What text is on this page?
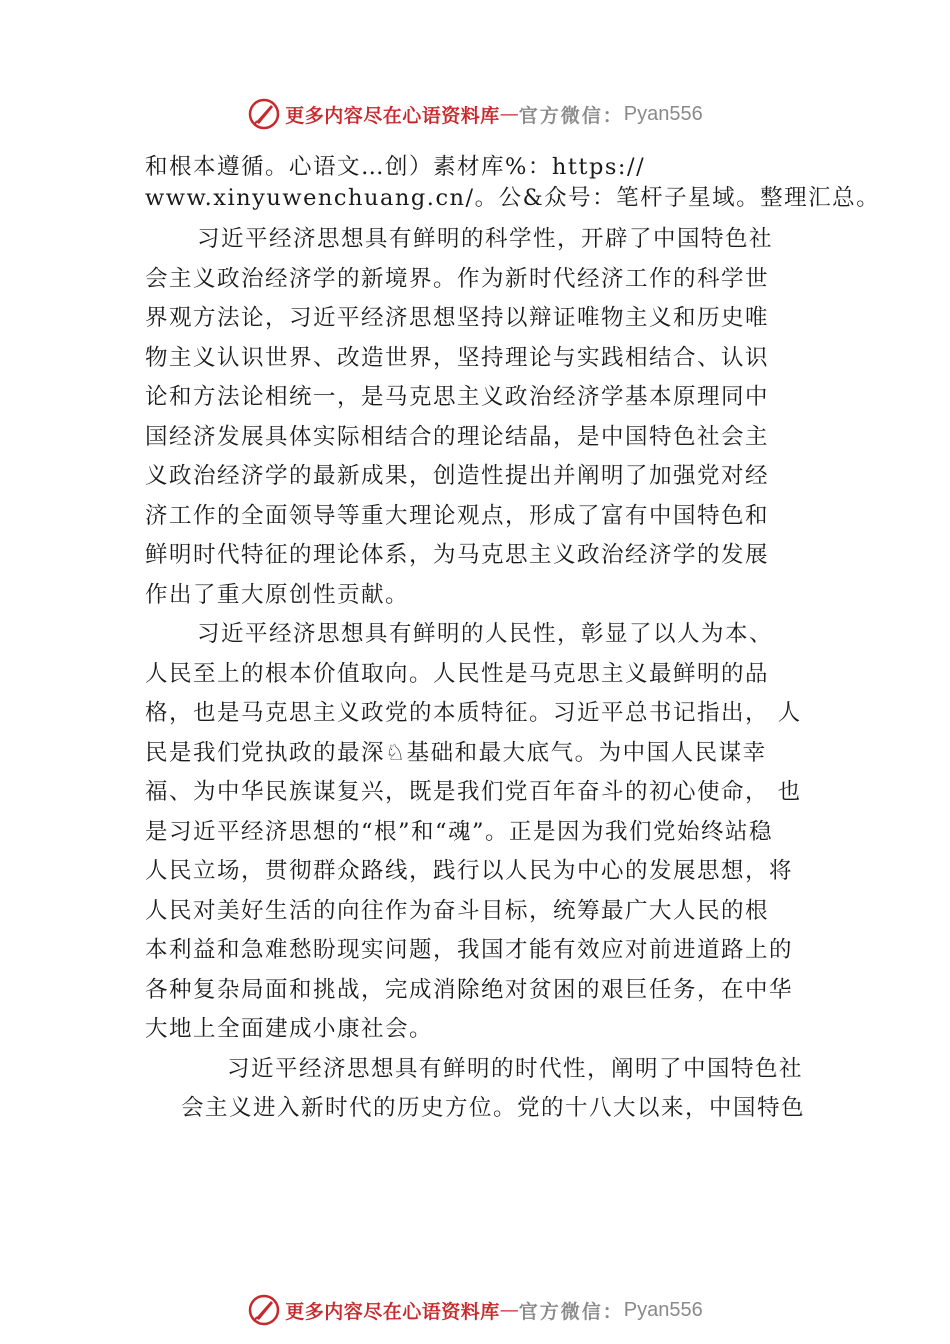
更多内容尽在心语资料库 — 官方微信： Pyan556
和根本遵循。心语文…创）素材库%：https://
www.xinyuwenchuang.cn/。公&众号：笔杆子星域。整理汇总。
习近平经济思想具有鲜明的科学性，开辟了中国特色社
会主义政治经济学的新境界。作为新时代经济工作的科学世
界观方法论，习近平经济思想坚持以辩证唯物主义和历史唯
物主义认识世界、改造世界，坚持理论与实践相结合、认识
论和方法论相统一，是马克思主义政治经济学基本原理同中
国经济发展具体实际相结合的理论结晶，是中国特色社会主
义政治经济学的最新成果，创造性提出并阐明了加强党对经
济工作的全面领导等重大理论观点，形成了富有中国特色和
鲜明时代特征的理论体系，为马克思主义政治经济学的发展
作出了重大原创性贡献。
习近平经济思想具有鲜明的人民性，彰显了以人为本、
人民至上的根本价值取向。人民性是马克思主义最鲜明的品
格，也是马克思主义政党的本质特征。习近平总书记指出， 人
民是我们党执政的最深♘基础和最大底气。为中国人民谋幸
福、为中华民族谋复兴，既是我们党百年奋斗的初心使命， 也
是习近平经济思想的“根”和“魂”。正是因为我们党始终站稳
人民立场，贯彻群众路线，践行以人民为中心的发展思想，将
人民对美好生活的向往作为奋斗目标，统筹最广大人民的根
本利益和急难愁盼现实问题，我国才能有效应对前进道路上的
各种复杂局面和挑战，完成消除绝对贫困的艰巨任务，在中华
大地上全面建成小康社会。
习近平经济思想具有鲜明的时代性，阐明了中国特色社
会主义进入新时代的历史方位。党的十八大以来，中国特色
更多内容尽在心语资料库 — 官方微信： Pyan556
